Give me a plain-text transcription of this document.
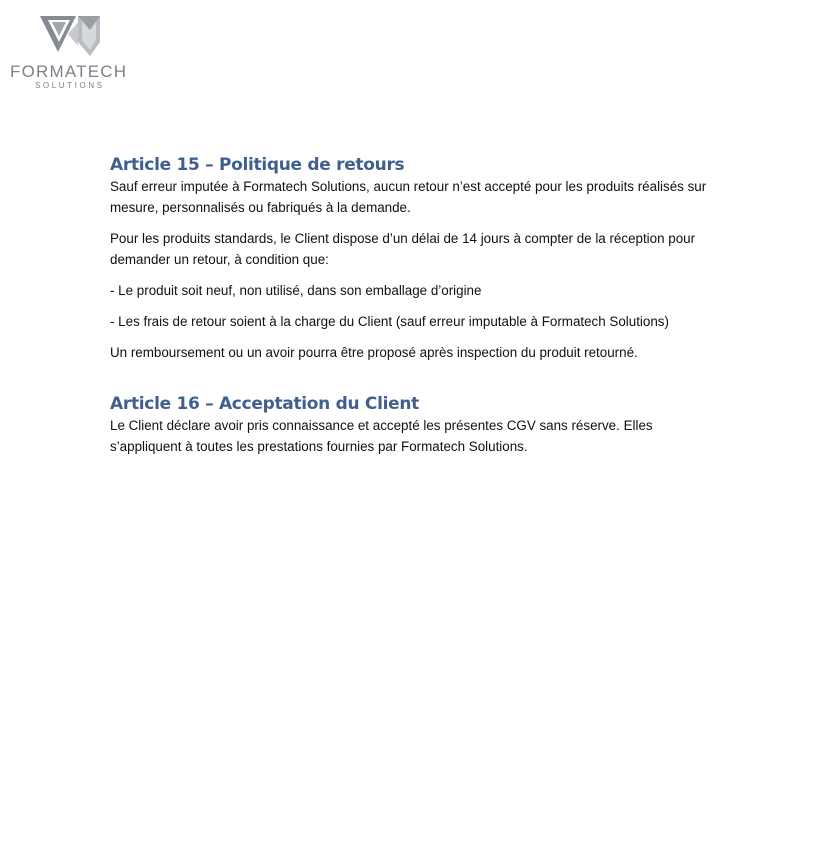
FORMATECH
SOLUTIONS
Article 15 – Politique de retours

Sauf erreur imputée à Formatech Solutions, aucun retour n’est accepté pour les produits réalisés sur mesure, personnalisés ou fabriqués à la demande.

Pour les produits standards, le Client dispose d’un délai de 14 jours à compter de la réception pour demander un retour, à condition que:

- Le produit soit neuf, non utilisé, dans son emballage d’origine

- Les frais de retour soient à la charge du Client (sauf erreur imputable à Formatech Solutions)

Un remboursement ou un avoir pourra être proposé après inspection du produit retourné.

Article 16 – Acceptation du Client

Le Client déclare avoir pris connaissance et accepté les présentes CGV sans réserve. Elles s’appliquent à toutes les prestations fournies par Formatech Solutions.
